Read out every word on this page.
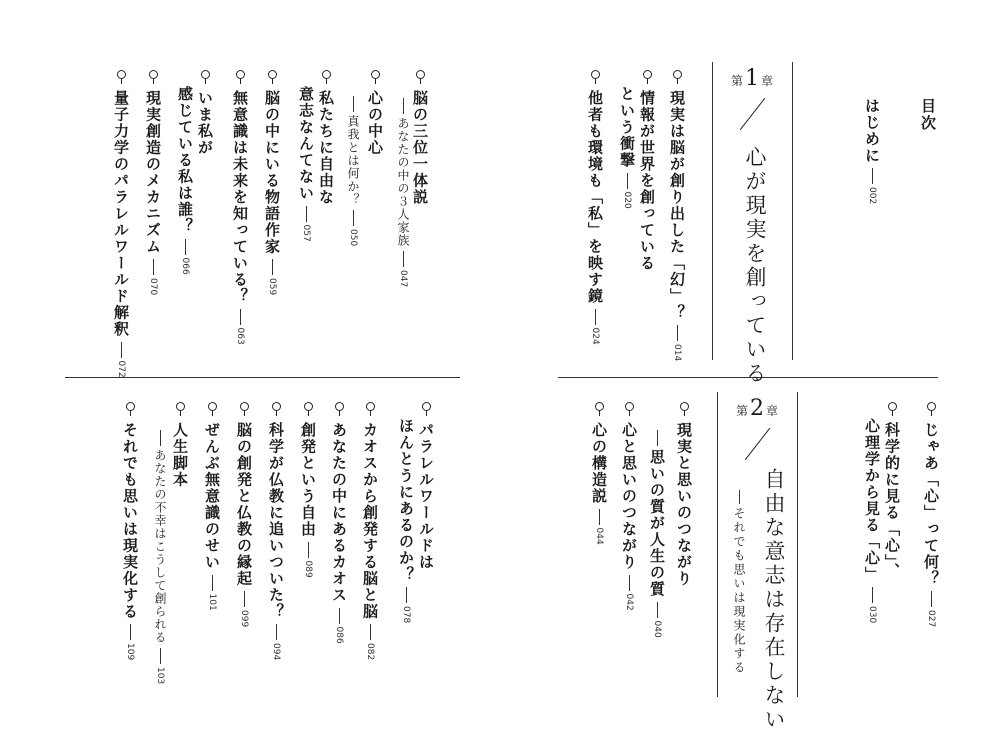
目次
はじめに002
第1 章
心が現実を創っている
現実は脳が創り出した「幻」？014
情報が世界を創っている
という衝撃020
他者も環境も「私」を映す鏡024
脳の三位一体説
あなたの中の３人家族047
心の中心
真我とは何か？050
私たちに自由な
意志なんてない057
脳の中にいる物語作家059
無意識は未来を知っている？063
いま私が
感じている私は誰？066
現実創造のメカニズム070
量子力学のパラレルワールド解釈072
じゃあ「心」って何？027
科学的に見る「心」、
心理学から見る「心」030
第2 章
自由な意志は存在しない
それでも思いは現実化する
現実と思いのつながり
思いの質が人生の質040
心と思いのつながり042
心の構造説044
パラレルワールドは
ほんとうにあるのか？078
カオスから創発する脳と脳082
あなたの中にあるカオス086
創発という自由089
科学が仏教に追いついた？094
脳の創発と仏教の縁起099
ぜんぶ無意識のせい101
人生脚本
あなたの不幸はこうして創られる103
それでも思いは現実化する109
